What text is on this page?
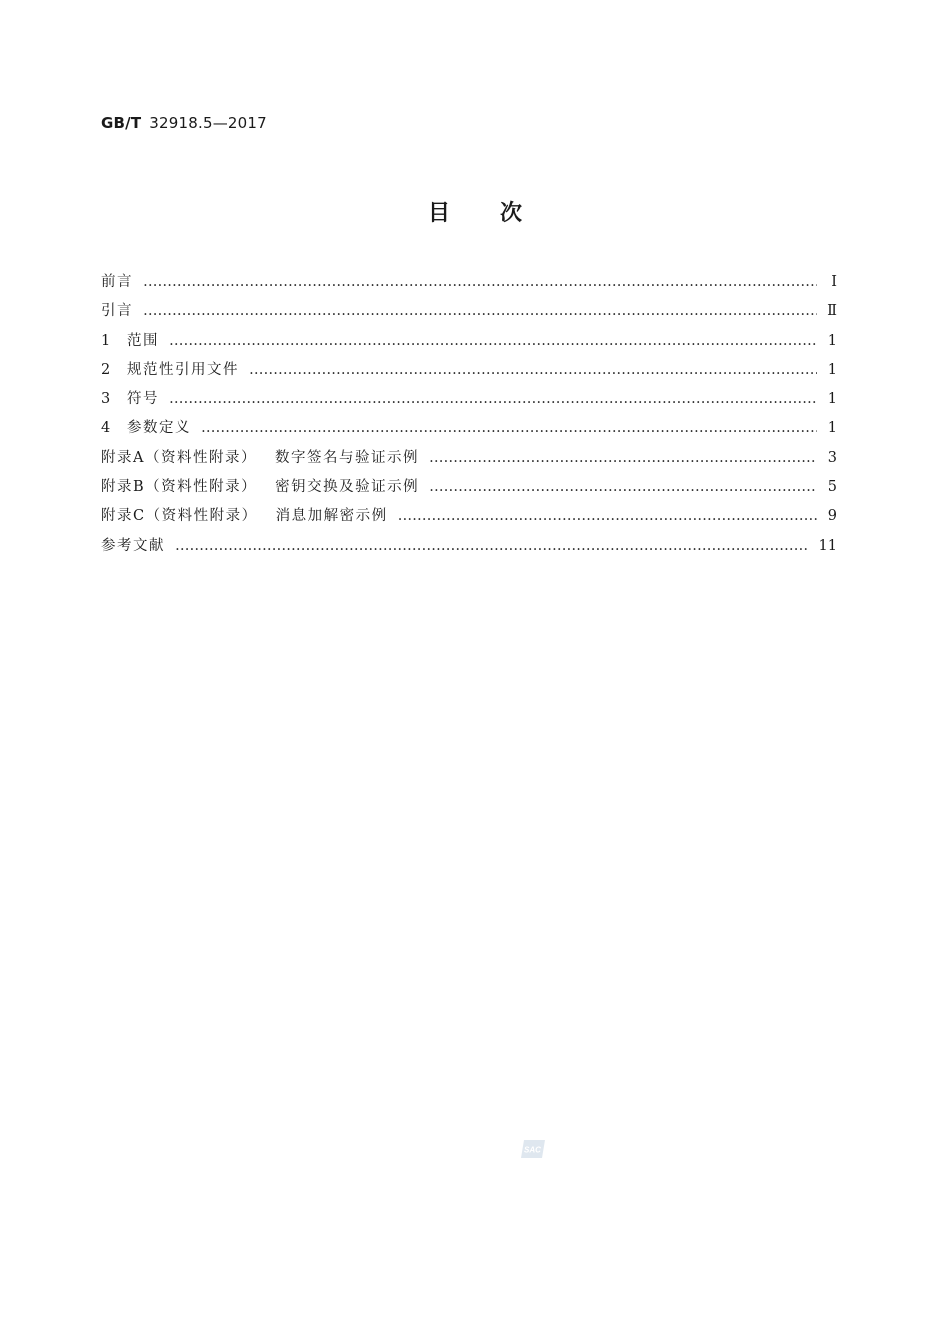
GB/T 32918.5—2017
目 次
前言 ……………………………………………………………………………………………………………………………………………………………………………………………………	Ⅰ
引言 ……………………………………………………………………………………………………………………………………………………………………………………………………	Ⅱ
1	范围 ……………………………………………………………………………………………………………………………………………………………………………………………………	1
2	规范性引用文件 ……………………………………………………………………………………………………………………………………………………………………………………………………	1
3	符号 ……………………………………………………………………………………………………………………………………………………………………………………………………	1
4	参数定义 ……………………………………………………………………………………………………………………………………………………………………………………………………	1
附录A（资料性附录） 数字签名与验证示例 ……………………………………………………………………………………………………………………………………………………………………………………………………	3
附录B（资料性附录） 密钥交换及验证示例 ……………………………………………………………………………………………………………………………………………………………………………………………………	5
附录C（资料性附录） 消息加解密示例 ……………………………………………………………………………………………………………………………………………………………………………………………………	9
参考文献 ……………………………………………………………………………………………………………………………………………………………………………………………………	11
SAC
